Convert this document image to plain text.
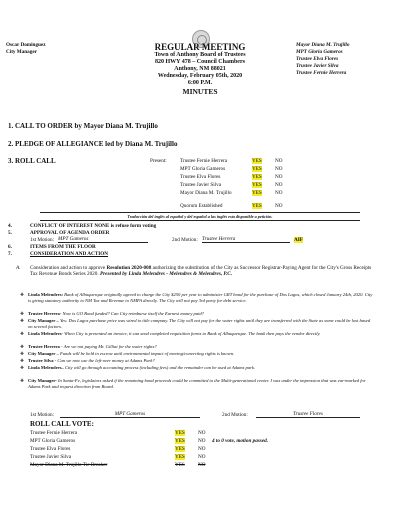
Oscar Dominguez
City Manager	REGULAR MEETING
Town of Anthony Board of Trustees
820 HWY 478 – Council Chambers
Anthony, NM 88021
Wednesday, February 05th, 2020
6:00 P.M.
MINUTES
Mayor Diana M. Trujillo
MPT Gloria Gameros
Trustee Elva Flores
Trustee Javier Silva
Trustee Fernie Herrera
1. CALL TO ORDER by Mayor Diana M. Trujillo
2. PLEDGE OF ALLEGIANCE led by Diana M. Trujillo
3. ROLL CALL	Present:	Trustee Fernie Herrera	YES	NO
MPT Gloria Gameros	YES	NO
Trustee Elva Flores	YES	NO
Trustee Javier Silva	YES	NO
Mayor Diana M. Trujillo	YES	NO
Quorum Established	YES	NO
Traducción del inglés al español y del español a las inglés esta disponible a petición.
4.	CONFLICT OF INTEREST NONE is refuse form voting
5.	APPROVAL OF AGENDA ORDER
1st Motion: MPT Gameros	2nd Motion: Trustee Herrera	AIF
6.	ITEMS FROM THE FLOOR
7.	CONSIDERATION AND ACTION
A. Consideration and action to approve Resolution 2020-008 authorizing the substitution of the City as Successor Registrar-Paying Agent for the City's Gross Receipts Tax Revenue Bonds Series 2020. Presented by Linda Melendres - Melendres & Melendres, P.C.
❖ Linda Melendres: Bank of Albuquerque originally agreed to charge the City $250 per year to administer GRT bond for the purchase of Dos Lagos, which closed January 24th, 2020. City is giving statutory authority to NM Tax and Revenue to NMFA directly. The City will not pay 3rd party for debt service.
❖ Trustee Herrera- Now is GO Bond funded? Can City reimburse itself the Earnest money paid?
❖ City Manager – Yes: Dos Lagos purchase price was wired to title company. The City will not pay for the water rights until they are transferred with the State as some could be lost based on several factors.
❖ Linda Melendres- When City is presented an invoice, it can send completed requisition forms to Bank of Albuquerque. The bank then pays the vendor directly.
❖ Trustee Herrera - Are we not paying Mr. Gilliat for the water rights?
❖ City Manager – Funds will be held in escrow until environmental impact of moving/converting rights is known.
❖ Trustee Silva - Can we now use the left-over money at Adams Park?
❖ Linda Melendres– City will go through accounting process (including fees) and the remainder can be used at Adams park.
❖ City Manager- In Santa-Fe, legislators asked if the remaining bond proceeds could be committed to the Multi-generational center. I was under the impression that was ear-marked for Adams Park and request direction from Board.
1st Motion:	MPT Gameros	2nd Motion:	Trustee Flores
ROLL CALL VOTE:
Trustee Fernie Herrera	YES	NO
MPT Gloria Gameros	YES	NO 4 to 0 vote, motion passed.
Trustee Elva Flores	YES	NO
Trustee Javier Silva	YES	NO
Mayor Diana M. Trujillo Tie Breaker	YES	NO
